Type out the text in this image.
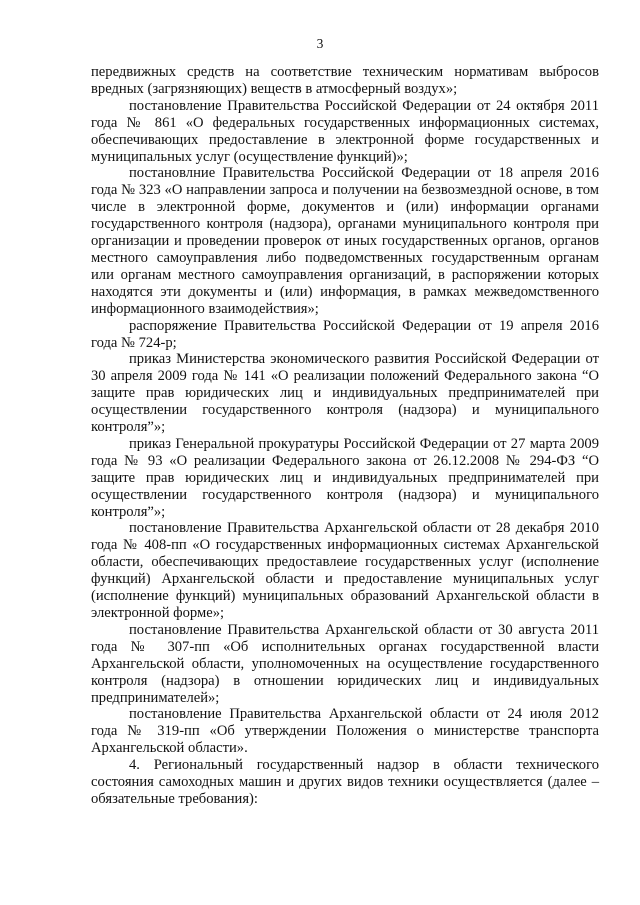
3

передвижных средств на соответствие техническим нормативам выбросов вредных (загрязняющих) веществ в атмосферный воздух»;

постановление Правительства Российской Федерации от 24 октября 2011 года № 861 «О федеральных государственных информационных системах, обеспечивающих предоставление в электронной форме государственных и муниципальных услуг (осуществление функций)»;

постановлние Правительства Российской Федерации от 18 апреля 2016 года № 323 «О направлении запроса и получении на безвозмездной основе, в том числе в электронной форме, документов и (или) информации органами государственного контроля (надзора), органами муниципального контроля при организации и проведении проверок от иных государственных органов, органов местного самоуправления либо подведомственных государственным органам или органам местного самоуправления организаций, в распоряжении которых находятся эти документы и (или) информация, в рамках межведомственного информационного взаимодействия»;

распоряжение Правительства Российской Федерации от 19 апреля 2016 года № 724-р;

приказ Министерства экономического развития Российской Федерации от 30 апреля 2009 года № 141 «О реализации положений Федерального закона “О защите прав юридических лиц и индивидуальных предпринимателей при осуществлении государственного контроля (надзора) и муниципального контроля”»;

приказ Генеральной прокуратуры Российской Федерации от 27 марта 2009 года № 93 «О реализации Федерального закона от 26.12.2008 № 294-ФЗ “О защите прав юридических лиц и индивидуальных предпринимателей при осуществлении государственного контроля (надзора) и муниципального контроля”»;

постановление Правительства Архангельской области от 28 декабря 2010 года № 408-пп «О государственных информационных системах Архангельской области, обеспечивающих предоставлеие государственных услуг (исполнение функций) Архангельской области и предоставление муниципальных услуг (исполнение функций) муниципальных образований Архангельской области в электронной форме»;

постановление Правительства Архангельской области от 30 августа 2011 года № 307-пп «Об исполнительных органах государственной власти Архангельской области, уполномоченных на осуществление государственного контроля (надзора) в отношении юридических лиц и индивидуальных предпринимателей»;

постановление Правительства Архангельской области от 24 июля 2012 года № 319-пп «Об утверждении Положения о министерстве транспорта Архангельской области».

4. Региональный государственный надзор в области технического состояния самоходных машин и других видов техники осуществляется (далее – обязательные требования):
